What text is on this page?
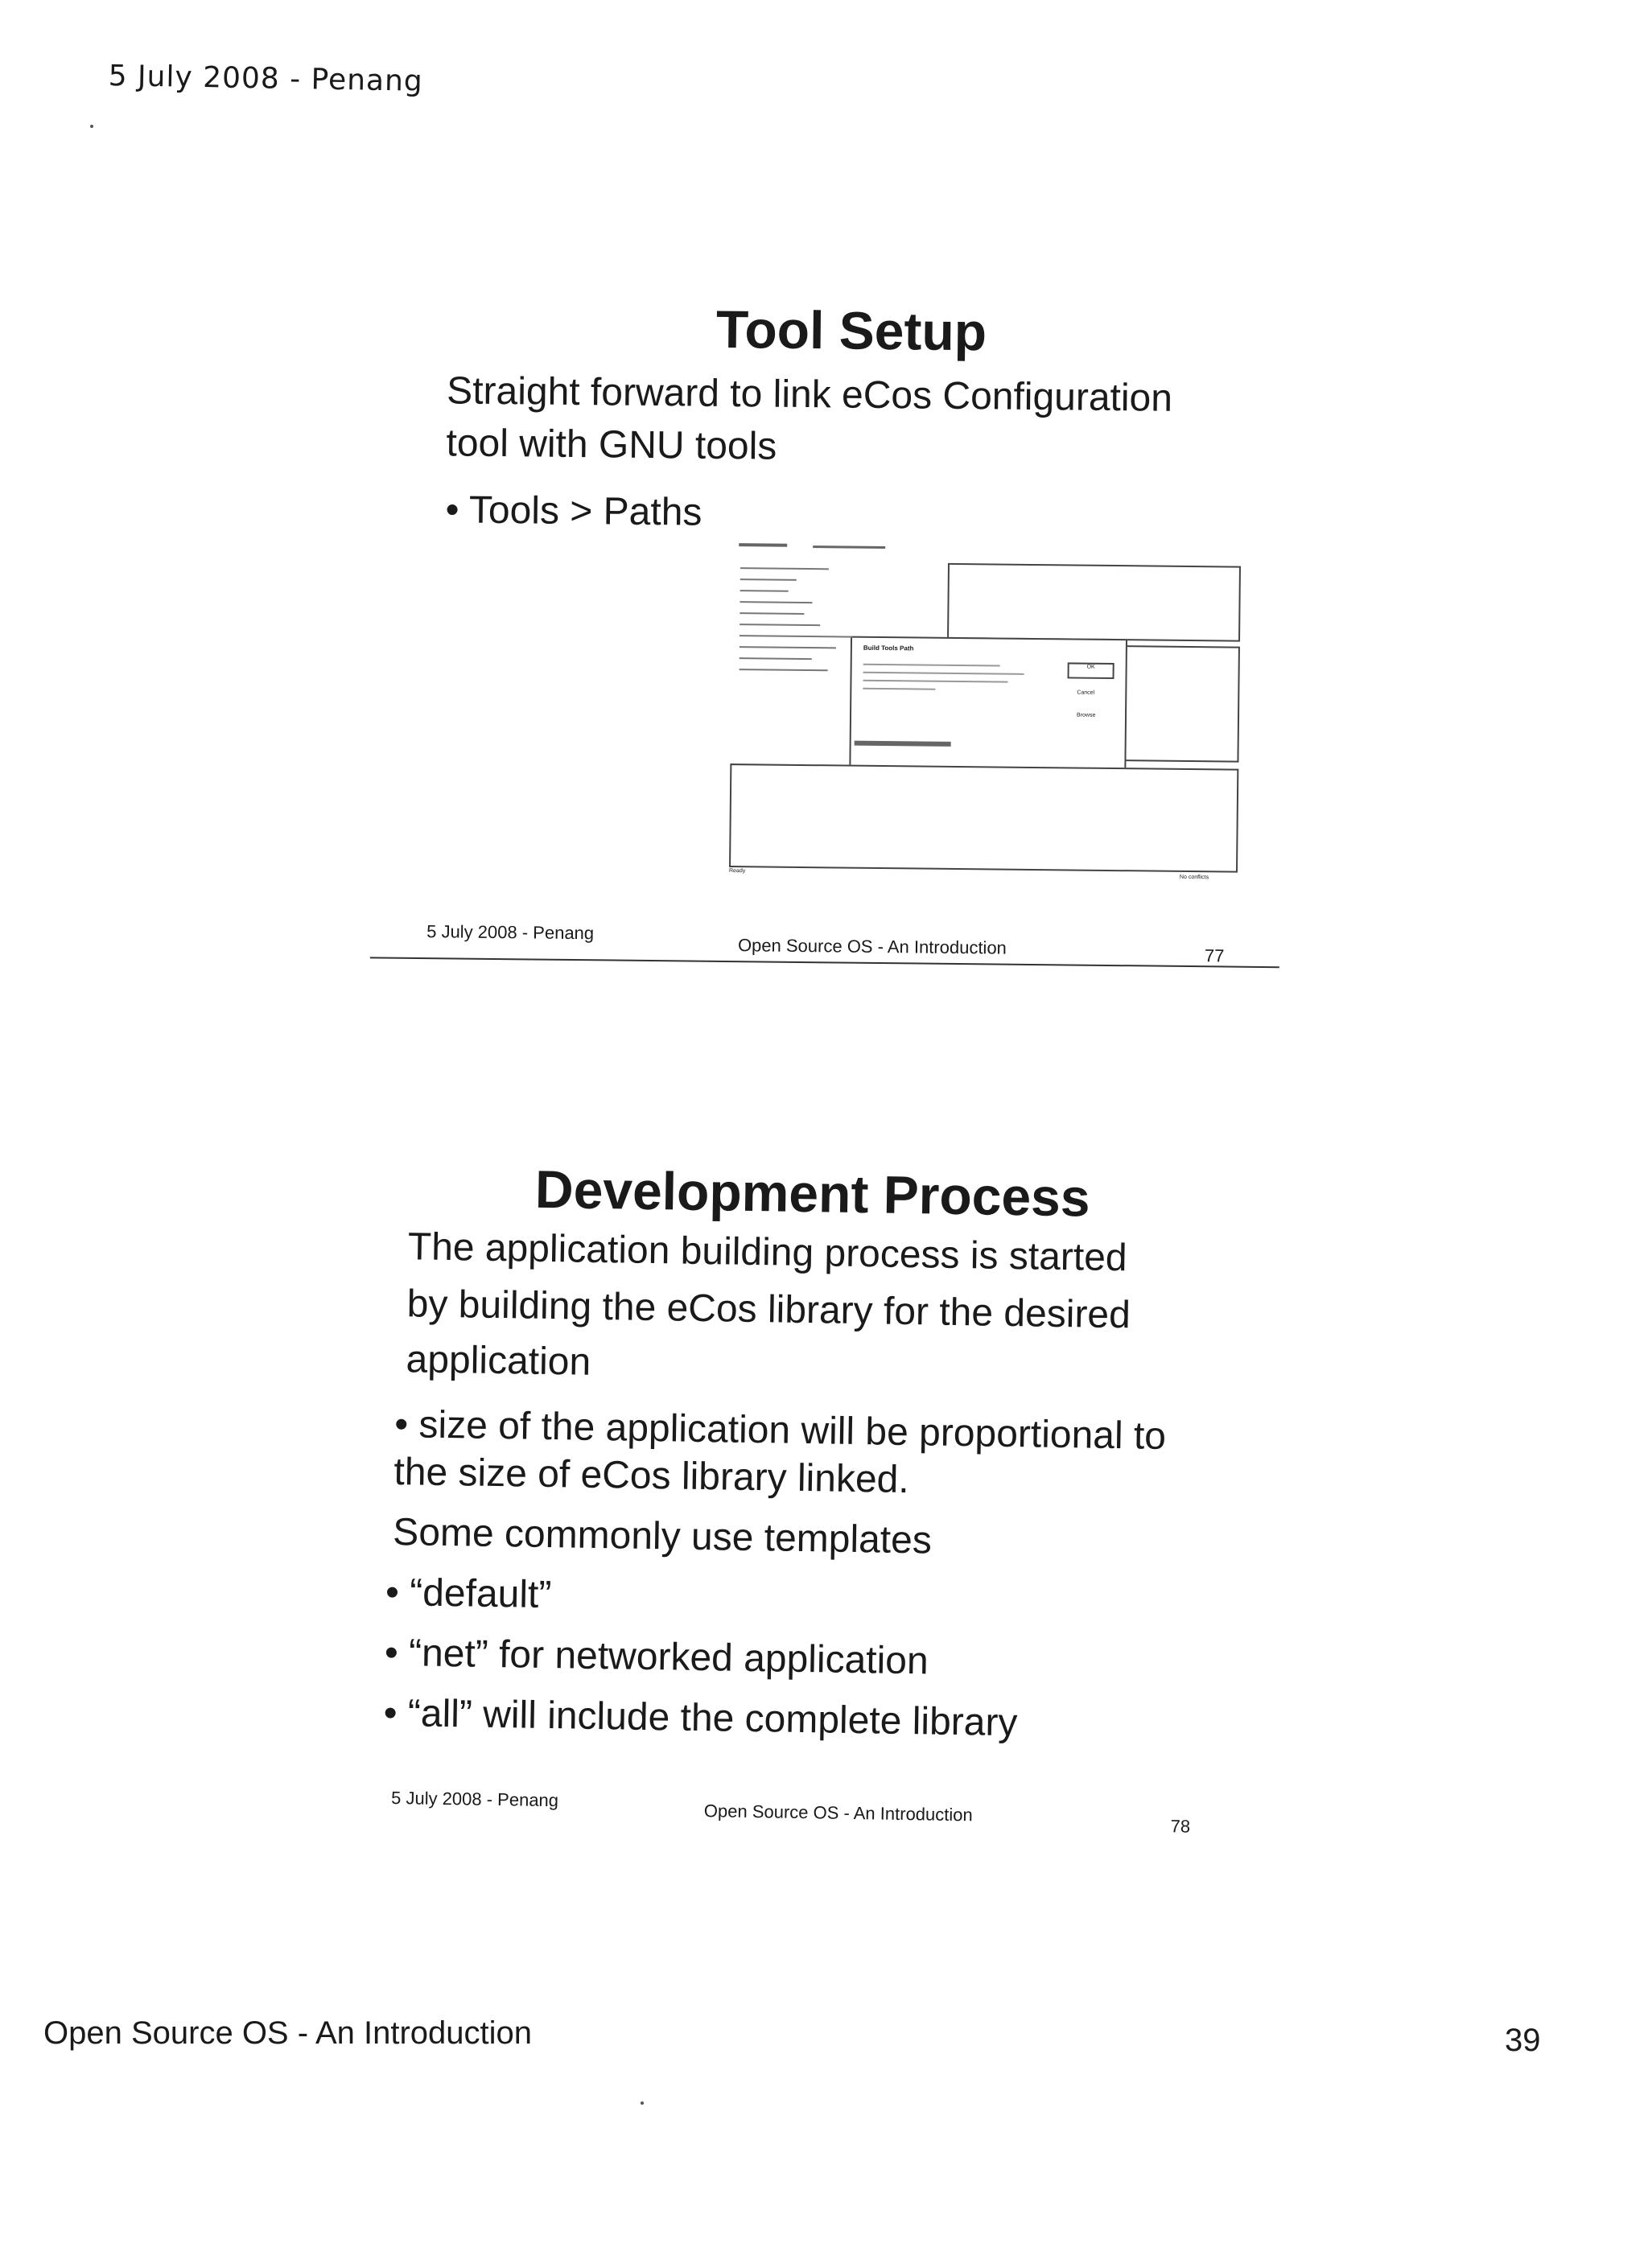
5 July 2008 - Penang
Tool Setup
Straight forward to link eCos Configuration
tool with GNU tools
• Tools > Paths
Build Tools Path
OK
Cancel
Browse
Ready
No conflicts
5 July 2008 - Penang
Open Source OS - An Introduction	77
Development Process
The application building process is started
by building the eCos library for the desired
application
• size of the application will be proportional to
the size of eCos library linked.
Some commonly use templates
• “default”
• “net” for networked application
• “all” will include the complete library
5 July 2008 - Penang
Open Source OS - An Introduction
78
Open Source OS - An Introduction	39
